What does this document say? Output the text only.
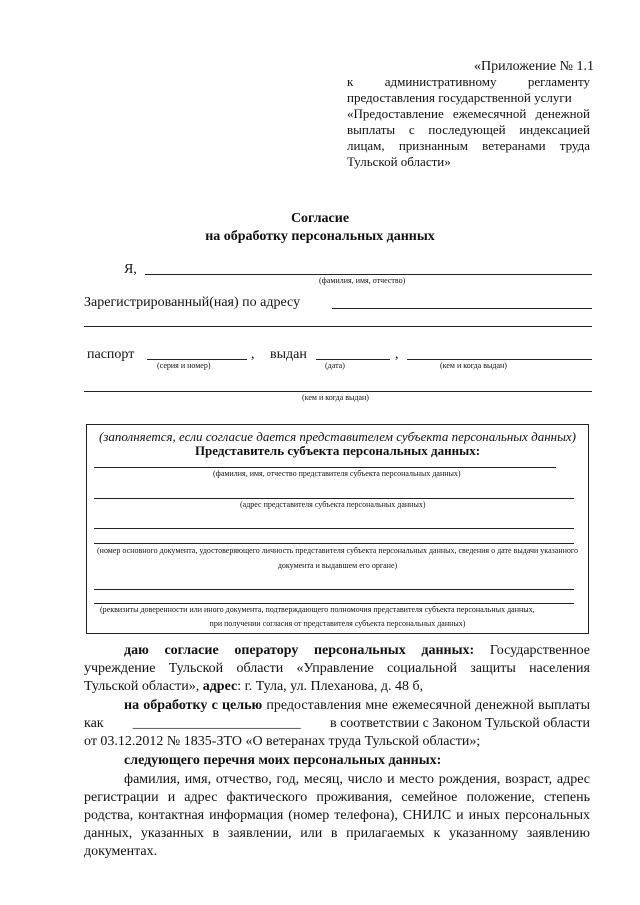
«Приложение № 1.1
к административному регламенту
предоставления государственной услуги
«Предоставление ежемесячной денежной
выплаты с последующей индексацией
лицам, признанным ветеранами труда
Тульской области»
Согласие
на обработку персональных данных
Я,
(фамилия, имя, отчество)
Зарегистрированный(ная) по адресу
паспорт
(серия и номер)
, выдан
(дата)
,
(кем и когда выдан)
(кем и когда выдан)
(заполняется, если согласие дается представителем субъекта персональных данных)
Представитель субъекта персональных данных:
(фамилия, имя, отчество представителя субъекта персональных данных)
(адрес представителя субъекта персональных данных)
(номер основного документа, удостоверяющего личность представителя субъекта персональных данных, сведения о дате выдачи указанного
документа и выдавшем его органе)
(реквизиты доверенности или иного документа, подтверждающего полномочия представителя субъекта персональных данных,
при получении согласия от представителя субъекта персональных данных)
даю согласие оператору персональных данных: Государственное
учреждение Тульской области «Управление социальной защиты населения
Тульской области», адрес: г. Тула, ул. Плеханова, д. 48 б,
на обработку с целью предоставления мне ежемесячной денежной выплаты
как ________________________ в соответствии с Законом Тульской области
от 03.12.2012 № 1835-ЗТО «О ветеранах труда Тульской области»;
следующего перечня моих персональных данных:
фамилия, имя, отчество, год, месяц, число и место рождения, возраст, адрес
регистрации и адрес фактического проживания, семейное положение, степень
родства, контактная информация (номер телефона), СНИЛС и иных персональных
данных, указанных в заявлении, или в прилагаемых к указанному заявлению
документах.
